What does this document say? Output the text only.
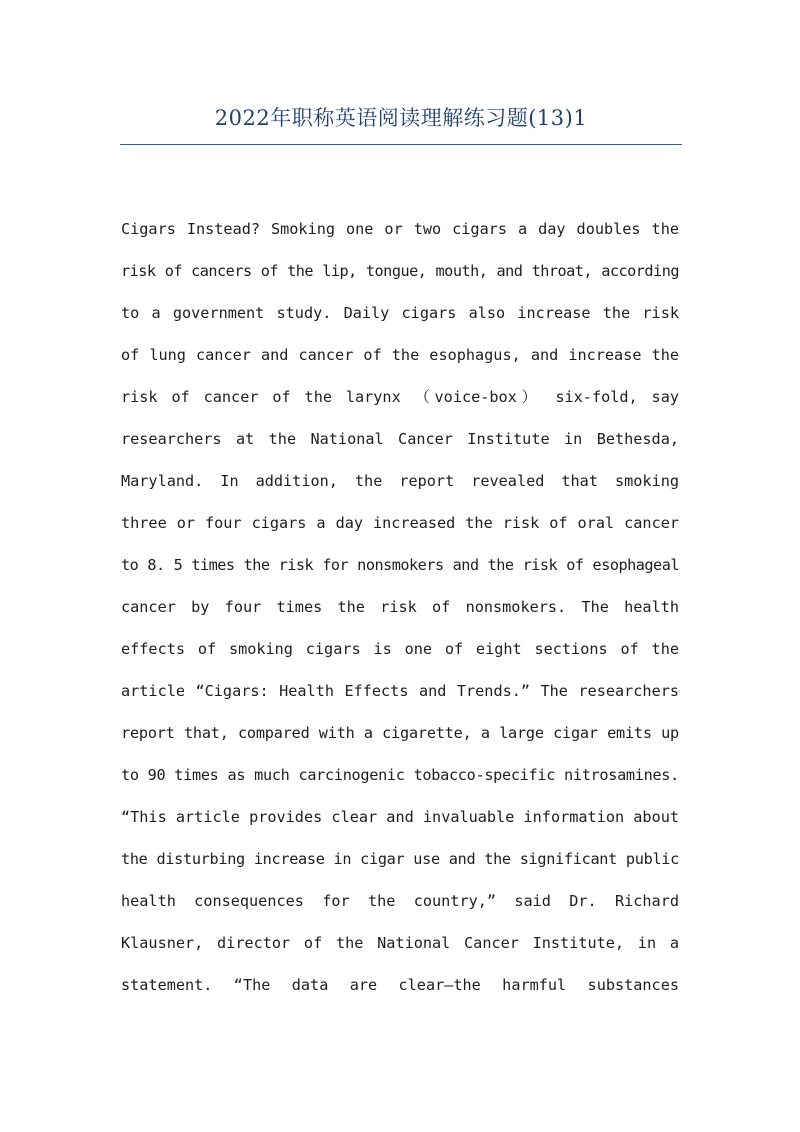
2022年职称英语阅读理解练习题(13)1
Cigars Instead? Smoking one or two cigars a day doubles the
risk of cancers of the lip, tongue, mouth, and throat, according
to a government study. Daily cigars also increase the risk
of lung cancer and cancer of the esophagus, and increase the
risk of cancer of the larynx （voice-box） six-fold, say
researchers at the National Cancer Institute in Bethesda,
Maryland. In addition, the report revealed that smoking
three or four cigars a day increased the risk of oral cancer
to 8. 5 times the risk for nonsmokers and the risk of esophageal
cancer by four times the risk of nonsmokers. The health
effects of smoking cigars is one of eight sections of the
article “Cigars: Health Effects and Trends.” The researchers
report that, compared with a cigarette, a large cigar emits up
to 90 times as much carcinogenic tobacco-specific nitrosamines.
“This article provides clear and invaluable information about
the disturbing increase in cigar use and the significant public
health consequences for the country,” said Dr. Richard
Klausner, director of the National Cancer Institute, in a
statement. “The data are clear—the harmful substances
